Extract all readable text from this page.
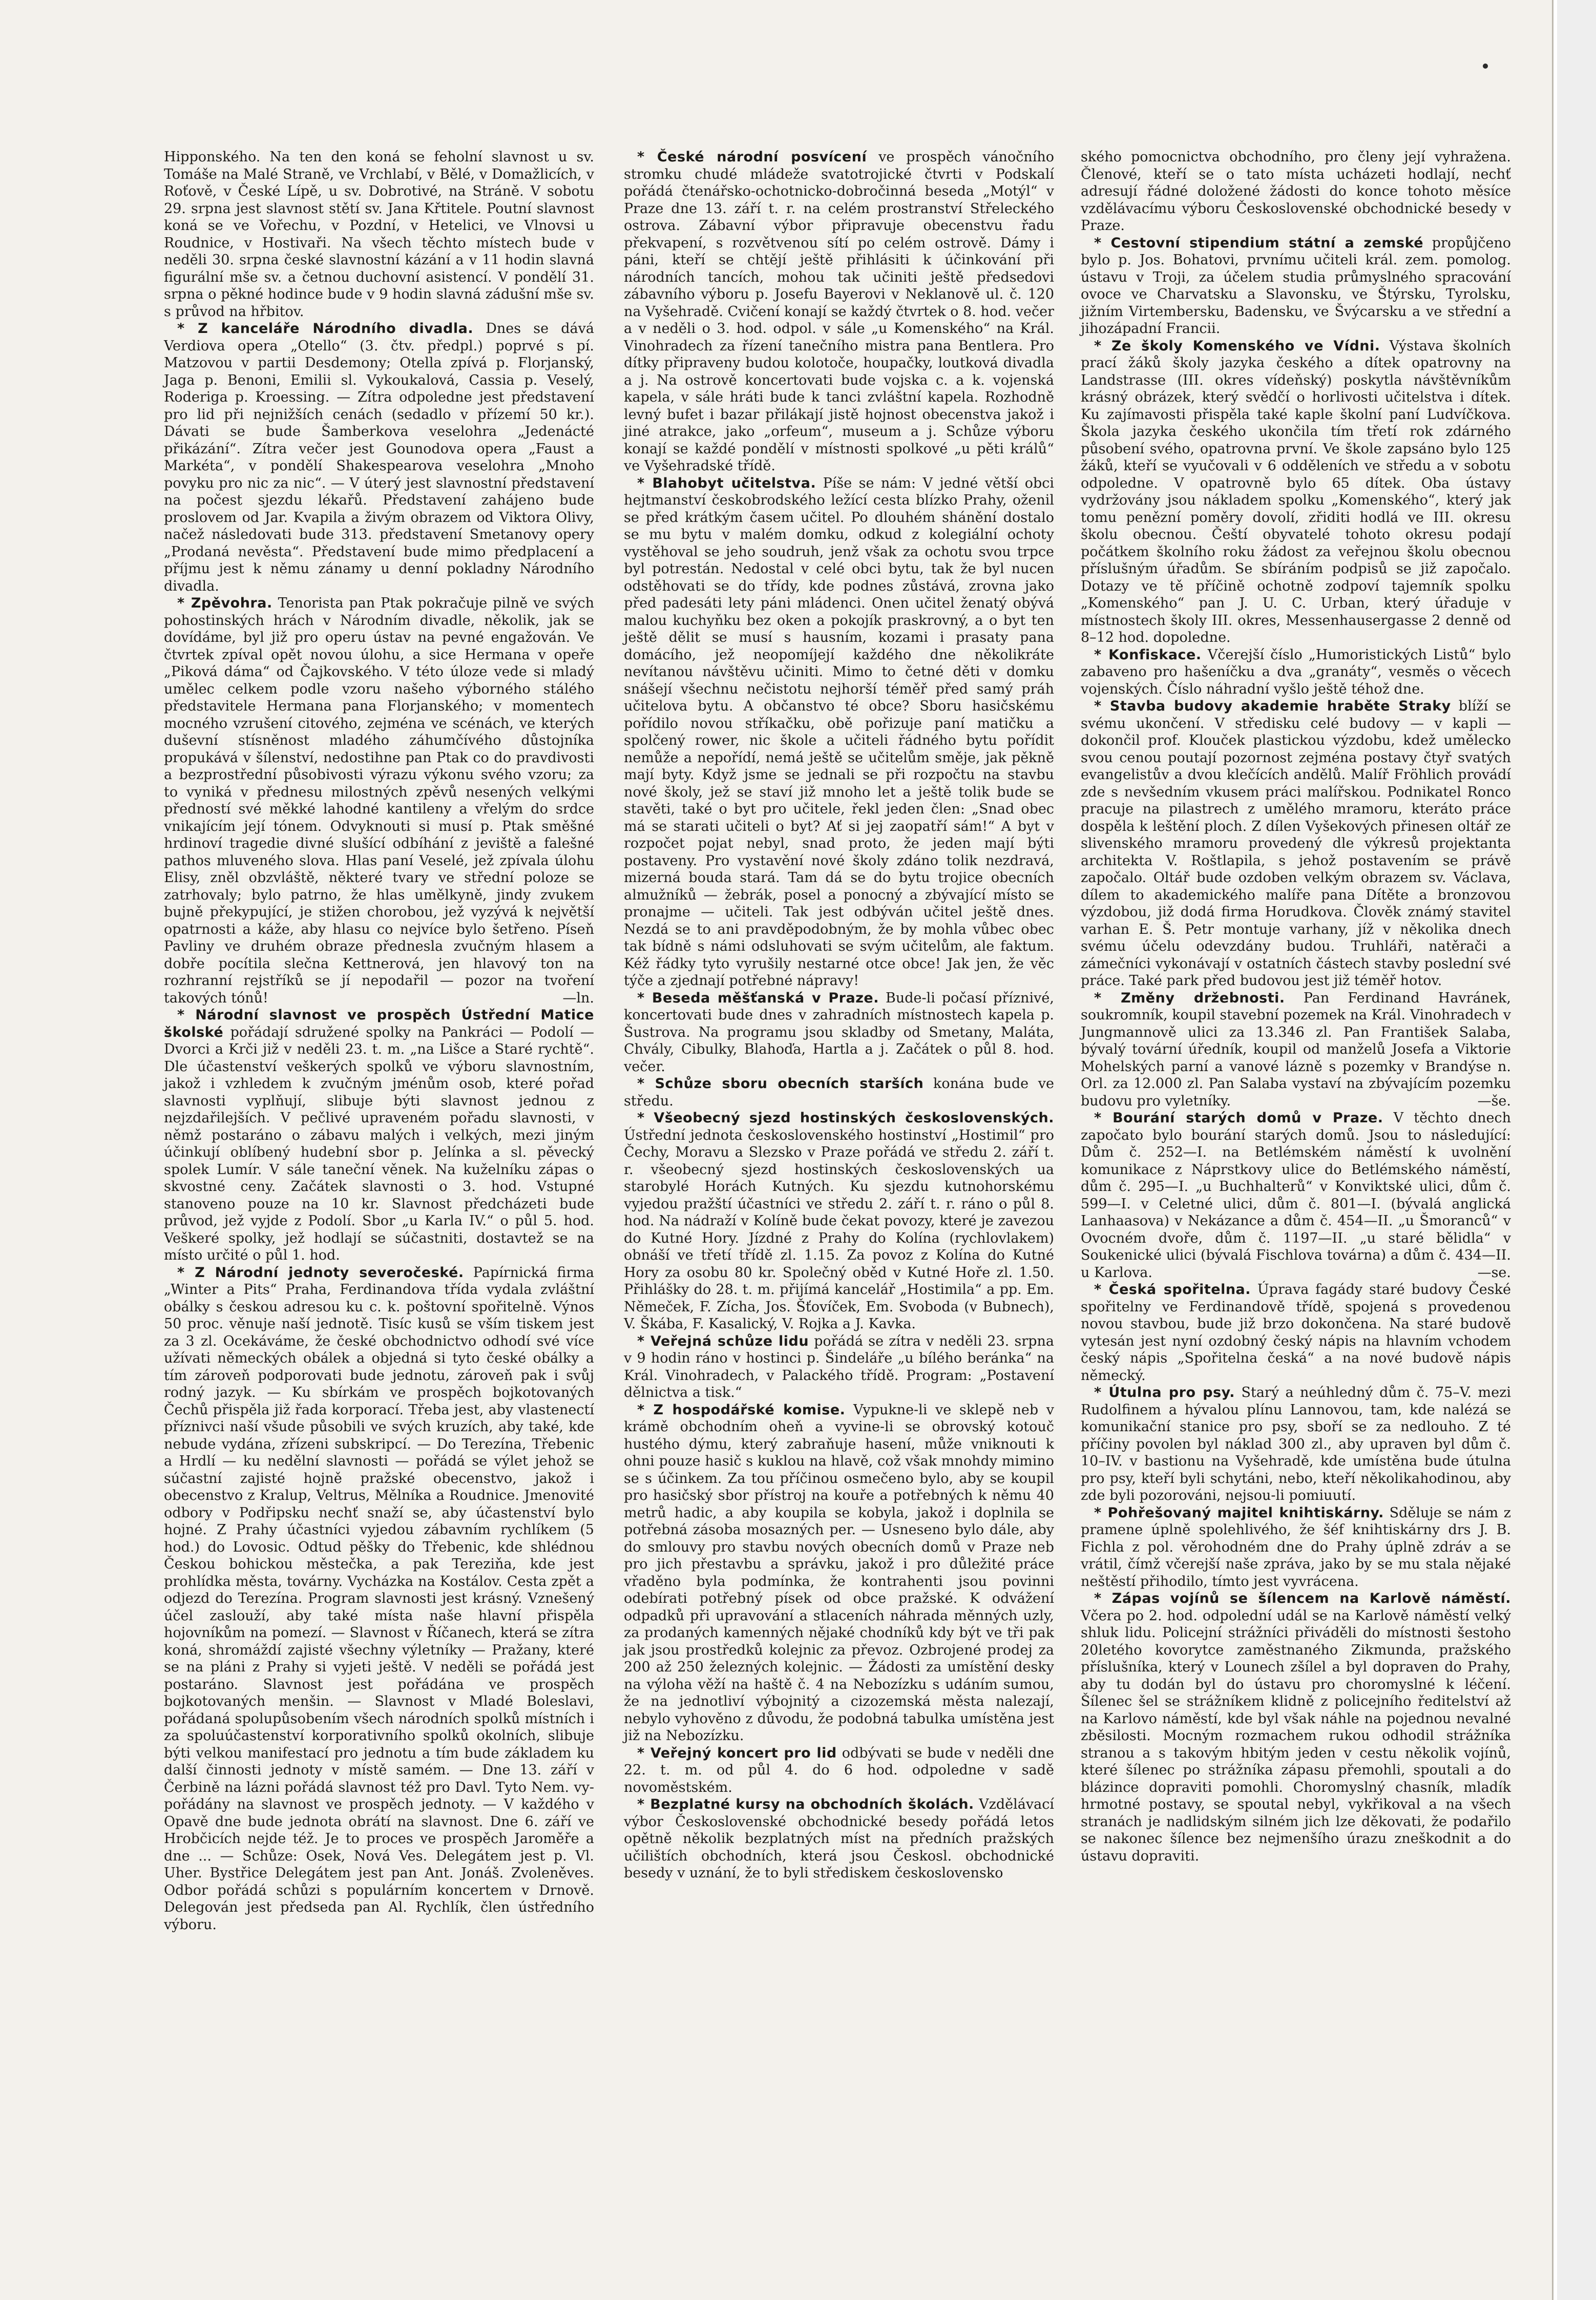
Hipponského. Na ten den koná se feholní slavnost u sv. Tomáše na Malé Straně, ve Vrchlabí, v Bělé, v Domažlicích, v Roťově, v České Lípě, u sv. Dobrotivé, na Stráně. V sobotu 29. srpna jest slavnost stětí sv. Jana Křtitele. Poutní slavnost koná se ve Vořechu, v Pozdní, v Hetelici, ve Vlnovsi u Roudnice, v Hostivaři. Na všech těchto místech bude v neděli 30. srpna české slavnostní kázání a v 11 hodin slavná figurální mše sv. a četnou duchovní asistencí. V pondělí 31. srpna o pěkné hodince bude v 9 hodin slavná zádušní mše sv. s průvod na hřbitov.

* Z kanceláře Národního divadla. Dnes se dává Verdiova opera „Otello“ (3. čtv. předpl.) poprvé s pí. Matzovou v partii Desdemony; Otella zpívá p. Florjanský, Jaga p. Benoni, Emilii sl. Vykoukalová, Cassia p. Veselý, Roderiga p. Kroessing. — Zítra odpoledne jest představení pro lid při nejnižších cenách (sedadlo v přízemí 50 kr.). Dávati se bude Šamberkova veselohra „Jedenácté přikázání“. Zítra večer jest Gounodova opera „Faust a Markéta“, v pondělí Shakespearova veselohra „Mnoho povyku pro nic za nic“. — V úterý jest slavnostní představení na počest sjezdu lékařů. Představení zahájeno bude proslovem od Jar. Kvapila a živým obrazem od Viktora Olivy, načež následovati bude 313. představení Smetanovy opery „Prodaná nevěsta“. Představení bude mimo předplacení a příjmu jest k němu zánamy u denní pokladny Národního divadla.

* Zpěvohra. Tenorista pan Ptak pokračuje pilně ve svých pohostinských hrách v Národním divadle, několik, jak se dovídáme, byl již pro operu ústav na pevné engažován. Ve čtvrtek zpíval opět novou úlohu, a sice Hermana v opeře „Piková dáma“ od Čajkovského. V této úloze vede si mladý umělec celkem podle vzoru našeho výborného stálého představitele Hermana pana Florjanského; v momentech mocného vzrušení citového, zejména ve scénách, ve kterých duševní stísněnost mladého záhumčívého důstojníka propukává v šílenství, nedostihne pan Ptak co do pravdivosti a bezprostřední působivosti výrazu výkonu svého vzoru; za to vyniká v přednesu milostných zpěvů nesených velkými předností své měkké lahodné kantileny a vřelým do srdce vnikajícím její tónem. Odvyknouti si musí p. Ptak směšné hrdinoví tragedie divné slušící odbíhání z jeviště a falešné pathos mluveného slova. Hlas paní Veselé, jež zpívala úlohu Elisy, zněl obzvláště, některé tvary ve střední poloze se zatrhovaly; bylo patrno, že hlas umělkyně, jindy zvukem bujně překypující, je stižen chorobou, jež vyzývá k největší opatrnosti a káže, aby hlasu co nejvíce bylo šetřeno. Píseň Pavliny ve druhém obraze přednesla zvučným hlasem a dobře pocítila slečna Kettnerová, jen hlavový ton na rozhranní rejstříků se jí nepodařil — pozor na tvoření takových tónů!	—ln.

* Národní slavnost ve prospěch Ústřední Matice školské pořádají sdružené spolky na Pankráci — Podolí — Dvorci a Krči již v neděli 23. t. m. „na Lišce a Staré rychtě“. Dle účastenství veškerých spolků ve výboru slavnostním, jakož i vzhledem k zvučným jménům osob, které pořad slavnosti vyplňují, slibuje býti slavnost jednou z nejzdařilejších. V pečlivé upraveném pořadu slavnosti, v němž postaráno o zábavu malých i velkých, mezi jiným účinkují oblíbený hudební sbor p. Jelínka a sl. pěvecký spolek Lumír. V sále taneční věnek. Na kuželníku zápas o skvostné ceny. Začátek slavnosti o 3. hod. Vstupné stanoveno pouze na 10 kr. Slavnost předcházeti bude průvod, jež vyjde z Podolí. Sbor „u Karla IV.“ o půl 5. hod. Veškeré spolky, jež hodlají se súčastniti, dostavtež se na místo určité o půl 1. hod.

* Z Národní jednoty severočeské. Papírnická firma „Winter a Pits“ Praha, Ferdinandova třída vydala zvláštní obálky s českou adresou ku c. k. poštovní spořitelně. Výnos 50 proc. věnuje naší jednotě. Tisíc kusů se vším tiskem jest za 3 zl. Ocekáváme, že české obchodnictvo odhodí své více užívati německých obálek a objedná si tyto české obálky a tím zároveň podporovati bude jednotu, zároveň pak i svůj rodný jazyk. — Ku sbírkám ve prospěch bojkotovaných Čechů přispěla již řada korporací. Třeba jest, aby vlastenectí příznivci naší všude působili ve svých kruzích, aby také, kde nebude vydána, zřízeni subskripcí. — Do Terezína, Třebenic a Hrdlí — ku nedělní slavnosti — pořádá se výlet jehož se súčastní zajisté hojně pražské obecenstvo, jakož i obecenstvo z Kralup, Veltrus, Mělníka a Roudnice. Jmenovité odbory v Podřipsku nechť snaží se, aby účastenství bylo hojné. Z Prahy účastníci vyjedou zábavním rychlíkem (5 hod.) do Lovosic. Odtud pěšky do Třebenic, kde shlédnou Českou bohickou městečka, a pak Tereziňa, kde jest prohlídka města, továrny. Vycházka na Kostálov. Cesta zpět a odjezd do Terezína. Program slavnosti jest krásný. Vznešený účel zaslouží, aby také místa naše hlavní přispěla hojovníkům na pomezí. — Slavnost v Říčanech, která se zítra koná, shromáždí zajisté všechny výletníky — Pražany, které se na pláni z Prahy si vyjeti ještě. V neděli se pořádá jest postaráno. Slavnost jest pořádána ve prospěch bojkotovaných menšin. — Slavnost v Mladé Boleslavi, pořádaná spolupůsobením všech národních spolků místních i za spoluúčastenství korporativního spolků okolních, slibuje býti velkou manifestací pro jednotu a tím bude základem ku další činnosti jednoty v místě samém. — Dne 13. září v Čerbině na lázni pořádá slavnost též pro Davl. Tyto Nem. vy-pořádány na slavnost ve prospěch jednoty. — V každého v Opavě dne bude jednota obrátí na slavnost. Dne 6. září ve Hrobčicích nejde též. Je to proces ve prospěch Jaroměře a dne ... — Schůze: Osek, Nová Ves. Delegátem jest p. Vl. Uher. Bystřice Delegátem jest pan Ant. Jonáš. Zvoleněves. Odbor pořádá schůzi s populárním koncertem v Drnově. Delegován jest předseda pan Al. Rychlík, člen ústředního výboru.

* České národní posvícení ve prospěch vánočního stromku chudé mládeže svatotrojické čtvrti v Podskalí pořádá čtenářsko-ochotnicko-dobročinná beseda „Motýl“ v Praze dne 13. září t. r. na celém prostranství Střeleckého ostrova. Zábavní výbor připravuje obecenstvu řadu překvapení, s rozvětvenou sítí po celém ostrově. Dámy i páni, kteří se chtějí ještě přihlásiti k účinkování při národních tancích, mohou tak učiniti ještě předsedovi zábavního výboru p. Josefu Bayerovi v Neklanově ul. č. 120 na Vyšehradě. Cvičení konají se každý čtvrtek o 8. hod. večer a v neděli o 3. hod. odpol. v sále „u Komenského“ na Král. Vinohradech za řízení tanečního mistra pana Bentlera. Pro dítky připraveny budou kolotoče, houpačky, loutková divadla a j. Na ostrově koncertovati bude vojska c. a k. vojenská kapela, v sále hráti bude k tanci zvláštní kapela. Rozhodně levný bufet i bazar přilákají jistě hojnost obecenstva jakož i jiné atrakce, jako „orfeum“, museum a j. Schůze výboru konají se každé pondělí v místnosti spolkové „u pěti králů“ ve Vyšehradské třídě.

* Blahobyt učitelstva. Píše se nám: V jedné větší obci hejtmanství českobrodského ležící cesta blízko Prahy, oženil se před krátkým časem učitel. Po dlouhém shánění dostalo se mu bytu v malém domku, odkud z kolegiální ochoty vystěhoval se jeho soudruh, jenž však za ochotu svou trpce byl potrestán. Nedostal v celé obci bytu, tak že byl nucen odstěhovati se do třídy, kde podnes zůstává, zrovna jako před padesáti lety páni mládenci. Onen učitel ženatý obývá malou kuchyňku bez oken a pokojík praskrovný, a o byt ten ještě dělit se musí s hausním, kozami i prasaty pana domácího, jež neopomíjejí každého dne několikráte nevítanou návštěvu učiniti. Mimo to četné děti v domku snášejí všechnu nečistotu nejhorší téměř před samý práh učitelova bytu. A občanstvo té obce? Sboru hasičskému pořídilo novou stříkačku, obě pořizuje paní matičku a spolčený rower, nic škole a učiteli řádného bytu pořídit nemůže a nepořídí, nemá ještě se učitelům směje, jak pěkně mají byty. Když jsme se jednali se při rozpočtu na stavbu nové školy, jež se staví již mnoho let a ještě tolik bude se stavěti, také o byt pro učitele, řekl jeden člen: „Snad obec má se starati učiteli o byt? Ať si jej zaopatří sám!“ A byt v rozpočet pojat nebyl, snad proto, že jeden mají býti postaveny. Pro vystavění nové školy zdáno tolik nezdravá, mizerná bouda stará. Tam dá se do bytu trojice obecních almužníků — žebrák, posel a ponocný a zbývající místo se pronajme — učiteli. Tak jest odbýván učitel ještě dnes. Nezdá se to ani pravděpodobným, že by mohla vůbec obec tak bídně s námi odsluhovati se svým učitelům, ale faktum. Kéž řádky tyto vyrušily nestarné otce obce! Jak jen, že věc týče a zjednají potřebné nápravy!

* Beseda měšťanská v Praze. Bude-li počasí příznivé, koncertovati bude dnes v zahradních místnostech kapela p. Šustrova. Na programu jsou skladby od Smetany, Maláta, Chvály, Cibulky, Blahoďa, Hartla a j. Začátek o půl 8. hod. večer.

* Schůze sboru obecních starších konána bude ve středu.

* Všeobecný sjezd hostinských československých. Ústřední jednota československého hostinství „Hostimil“ pro Čechy, Moravu a Slezsko v Praze pořádá ve středu 2. září t. r. všeobecný sjezd hostinských československých ua starobylé Horách Kutných. Ku sjezdu kutnohorskému vyjedou pražští účastníci ve středu 2. září t. r. ráno o půl 8. hod. Na nádraží v Kolíně bude čekat povozy, které je zavezou do Kutné Hory. Jízdné z Prahy do Kolína (rychlovlakem) obnáší ve třetí třídě zl. 1.15. Za povoz z Kolína do Kutné Hory za osobu 80 kr. Společný oběd v Kutné Hoře zl. 1.50. Přihlášky do 28. t. m. přijímá kancelář „Hostimila“ a pp. Em. Němeček, F. Zícha, Jos. Šťovíček, Em. Svoboda (v Bubnech), V. Škába, F. Kasalický, V. Rojka a J. Kavka.

* Veřejná schůze lidu pořádá se zítra v neděli 23. srpna v 9 hodin ráno v hostinci p. Šindeláře „u bílého beránka“ na Král. Vinohradech, v Palackého třídě. Program: „Postavení dělnictva a tisk.“

* Z hospodářské komise. Vypukne-li ve sklepě neb v krámě obchodním oheň a vyvine-li se obrovský kotouč hustého dýmu, který zabraňuje hasení, může vniknouti k ohni pouze hasič s kuklou na hlavě, což však mnohdy mimino se s účinkem. Za tou příčinou osmečeno bylo, aby se koupil pro hasičský sbor přístroj na kouře a potřebných k němu 40 metrů hadic, a aby koupila se kobyla, jakož i doplnila se potřebná zásoba mosazných per. — Usneseno bylo dále, aby do smlouvy pro stavbu nových obecních domů v Praze neb pro jich přestavbu a správku, jakož i pro důležité práce vřaděno byla podmínka, že kontrahenti jsou povinni odebírati potřebný písek od obce pražské. K odvážení odpadků při upravování a stlaceních náhrada měnných uzly, za prodaných kamenných nějaké chodníků kdy být ve tři pak jak jsou prostředků kolejnic za převoz. Ozbrojené prodej za 200 až 250 železných kolejnic. — Žádosti za umístění desky na výloha věží na haště č. 4 na Nebozízku s udáním sumou, že na jednotliví výbojnitý a cizozemská města nalezají, nebylo vyhověno z důvodu, že podobná tabulka umístěna jest již na Nebozízku.

* Veřejný koncert pro lid odbývati se bude v neděli dne 22. t. m. od půl 4. do 6 hod. odpoledne v sadě novoměstském.

* Bezplatné kursy na obchodních školách. Vzdělávací výbor Československé obchodnické besedy pořádá letos opětně několik bezplatných míst na předních pražských učilištích obchodních, která jsou Českosl. obchodnické besedy v uznání, že to byli střediskem československo

ského pomocnictva obchodního, pro členy její vyhražena. Členové, kteří se o tato místa ucházeti hodlají, nechť adresují řádné doložené žádosti do konce tohoto měsíce vzdělávacímu výboru Československé obchodnické besedy v Praze.

* Cestovní stipendium státní a zemské propůjčeno bylo p. Jos. Bohatovi, prvnímu učiteli král. zem. pomolog. ústavu v Troji, za účelem studia průmyslného spracování ovoce ve Charvatsku a Slavonsku, ve Štýrsku, Tyrolsku, jižním Virtembersku, Badensku, ve Švýcarsku a ve střední a jihozápadní Francii.

* Ze školy Komenského ve Vídni. Výstava školních prací žáků školy jazyka českého a dítek opatrovny na Landstrasse (III. okres vídeňský) poskytla návštěvníkům krásný obrázek, který svědčí o horlivosti učitelstva i dítek. Ku zajímavosti přispěla také kaple školní paní Ludvíčkova. Škola jazyka českého ukončila tím třetí rok zdárného působení svého, opatrovna první. Ve škole zapsáno bylo 125 žáků, kteří se vyučovali v 6 odděleních ve středu a v sobotu odpoledne. V opatrovně bylo 65 dítek. Oba ústavy vydržovány jsou nákladem spolku „Komenského“, který jak tomu penězní poměry dovolí, zřiditi hodlá ve III. okresu školu obecnou. Čeští obyvatelé tohoto okresu podají počátkem školního roku žádost za veřejnou školu obecnou příslušným úřadům. Se sbíráním podpisů se již započalo. Dotazy ve tě příčině ochotně zodpoví tajemník spolku „Komenského“ pan J. U. C. Urban, který úřaduje v místnostech školy III. okres, Messenhausergasse 2 denně od 8–12 hod. dopoledne.

* Konfiskace. Včerejší číslo „Humoristických Listů“ bylo zabaveno pro hašeníčku a dva „granáty“, vesměs o věcech vojenských. Číslo náhradní vyšlo ještě téhož dne.

* Stavba budovy akademie hraběte Straky blíží se svému ukončení. V středisku celé budovy — v kapli — dokončil prof. Klouček plastickou výzdobu, kdež umělecko svou cenou poutají pozornost zejména postavy čtyř svatých evangelistův a dvou klečících andělů. Malíř Fröhlich provádí zde s nevšedním vkusem práci malířskou. Podnikatel Ronco pracuje na pilastrech z umělého mramoru, kteráto práce dospěla k leštění ploch. Z dílen Vyšekových přinesen oltář ze slivenského mramoru provedený dle výkresů projektanta architekta V. Roštlapila, s jehož postavením se právě započalo. Oltář bude ozdoben velkým obrazem sv. Václava, dílem to akademického malíře pana Dítěte a bronzovou výzdobou, již dodá firma Horudkova. Člověk známý stavitel varhan E. Š. Petr montuje varhany, jíž v několika dnech svému účelu odevzdány budou. Truhláři, natěrači a zámečníci vykonávají v ostatních částech stavby poslední své práce. Také park před budovou jest již téměř hotov.

* Změny držebnosti. Pan Ferdinand Havránek, soukromník, koupil stavební pozemek na Král. Vinohradech v Jungmannově ulici za 13.346 zl. Pan František Salaba, bývalý tovární úředník, koupil od manželů Josefa a Viktorie Mohelských parní a vanové lázně s pozemky v Brandýse n. Orl. za 12.000 zl. Pan Salaba vystaví na zbývajícím pozemku budovu pro vyletníky.	—še.

* Bourání starých domů v Praze. V těchto dnech započato bylo bourání starých domů. Jsou to následující: Dům č. 252—I. na Betlémském náměstí k uvolnění komunikace z Náprstkovy ulice do Betlémského náměstí, dům č. 295—I. „u Buchhalterů“ v Konviktské ulici, dům č. 599—I. v Celetné ulici, dům č. 801—I. (bývalá anglická Lanhaasova) v Nekázance a dům č. 454—II. „u Šmoranců“ v Ovocném dvoře, dům č. 1197—II. „u staré bělidla“ v Soukenické ulici (bývalá Fischlova továrna) a dům č. 434—II. u Karlova.	—se.

* Česká spořitelna. Úprava fagády staré budovy České spořitelny ve Ferdinandově třídě, spojená s provedenou novou stavbou, bude již brzo dokončena. Na staré budově vytesán jest nyní ozdobný český nápis na hlavním vchodem český nápis „Spořitelna česká“ a na nové budově nápis německý.

* Útulna pro psy. Starý a neúhledný dům č. 75–V. mezi Rudolfinem a hývalou plínu Lannovou, tam, kde nalézá se komunikační stanice pro psy, sboří se za nedlouho. Z té příčiny povolen byl náklad 300 zl., aby upraven byl dům č. 10–IV. v bastionu na Vyšehradě, kde umístěna bude útulna pro psy, kteří byli schytáni, nebo, kteří několikahodinou, aby zde byli pozorováni, nejsou-li pomiuutí.

* Pohřešovaný majitel knihtiskárny. Sděluje se nám z pramene úplně spolehlivého, že šéf knihtiskárny drs J. B. Fichla z pol. věrohodném dne do Prahy úplně zdráv a se vrátil, čímž včerejší naše zpráva, jako by se mu stala nějaké neštěstí přihodilo, tímto jest vyvrácena.

* Zápas vojínů se šílencem na Karlově náměstí. Včera po 2. hod. odpolední udál se na Karlově náměstí velký shluk lidu. Policejní strážníci přiváděli do místnosti šestoho 20letého kovorytce zaměstnaného Zikmunda, pražského příslušníka, který v Lounech zšílel a byl dopraven do Prahy, aby tu dodán byl do ústavu pro choromyslné k léčení. Šílenec šel se strážníkem klidně z policejního ředitelství až na Karlovo náměstí, kde byl však náhle na pojednou nevalné zběsilosti. Mocným rozmachem rukou odhodil strážníka stranou a s takovým hbitým jeden v cestu několik vojínů, které šílenec po strážníka zápasu přemohli, spoutali a do blázince dopraviti pomohli. Choromyslný chasník, mladík hrmotné postavy, se spoutal nebyl, vykřikoval a na všech stranách je nadlidským silném jich lze děkovati, že podařilo se nakonec šílence bez nejmenšího úrazu zneškodnit a do ústavu dopraviti.
